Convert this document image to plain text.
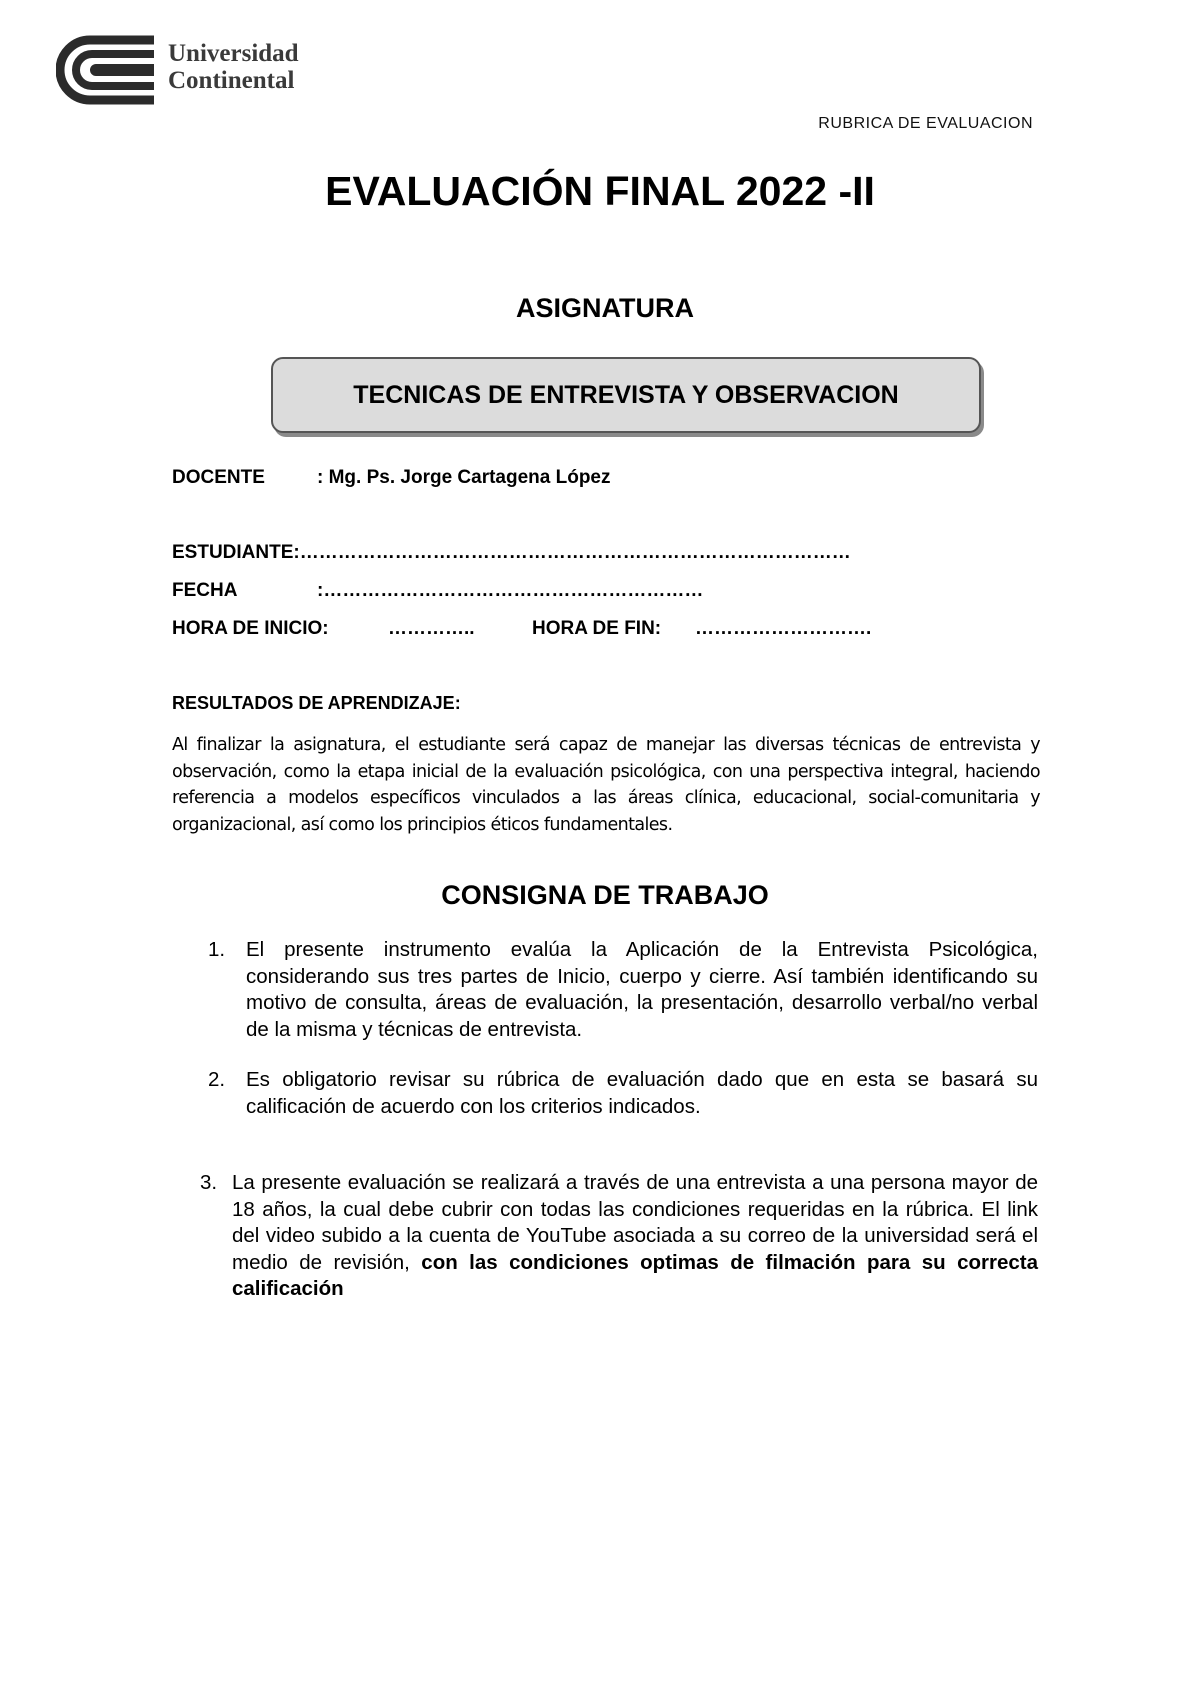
Universidad
Continental
RUBRICA DE EVALUACION
EVALUACIÓN FINAL 2022 -II
ASIGNATURA
TECNICAS DE ENTREVISTA Y OBSERVACION
DOCENTE	: Mg. Ps. Jorge Cartagena López
ESTUDIANTE:……………………………………………………………………………
FECHA	:……………………………………………………
HORA DE INICIO:	…………..	HORA DE FIN: ……………………….
RESULTADOS DE APRENDIZAJE:
Al finalizar la asignatura, el estudiante será capaz de manejar las diversas técnicas de entrevista y observación, como la etapa inicial de la evaluación psicológica, con una perspectiva integral, haciendo referencia a modelos específicos vinculados a las áreas clínica, educacional, social-comunitaria y organizacional, así como los principios éticos fundamentales.
CONSIGNA DE TRABAJO
1. El presente instrumento evalúa la Aplicación de la Entrevista Psicológica, considerando sus tres partes de Inicio, cuerpo y cierre. Así también identificando su motivo de consulta, áreas de evaluación, la presentación, desarrollo verbal/no verbal de la misma y técnicas de entrevista.
2. Es obligatorio revisar su rúbrica de evaluación dado que en esta se basará su calificación de acuerdo con los criterios indicados.
3. La presente evaluación se realizará a través de una entrevista a una persona mayor de 18 años, la cual debe cubrir con todas las condiciones requeridas en la rúbrica. El link del video subido a la cuenta de YouTube asociada a su correo de la universidad será el medio de revisión, con las condiciones optimas de filmación para su correcta calificación
